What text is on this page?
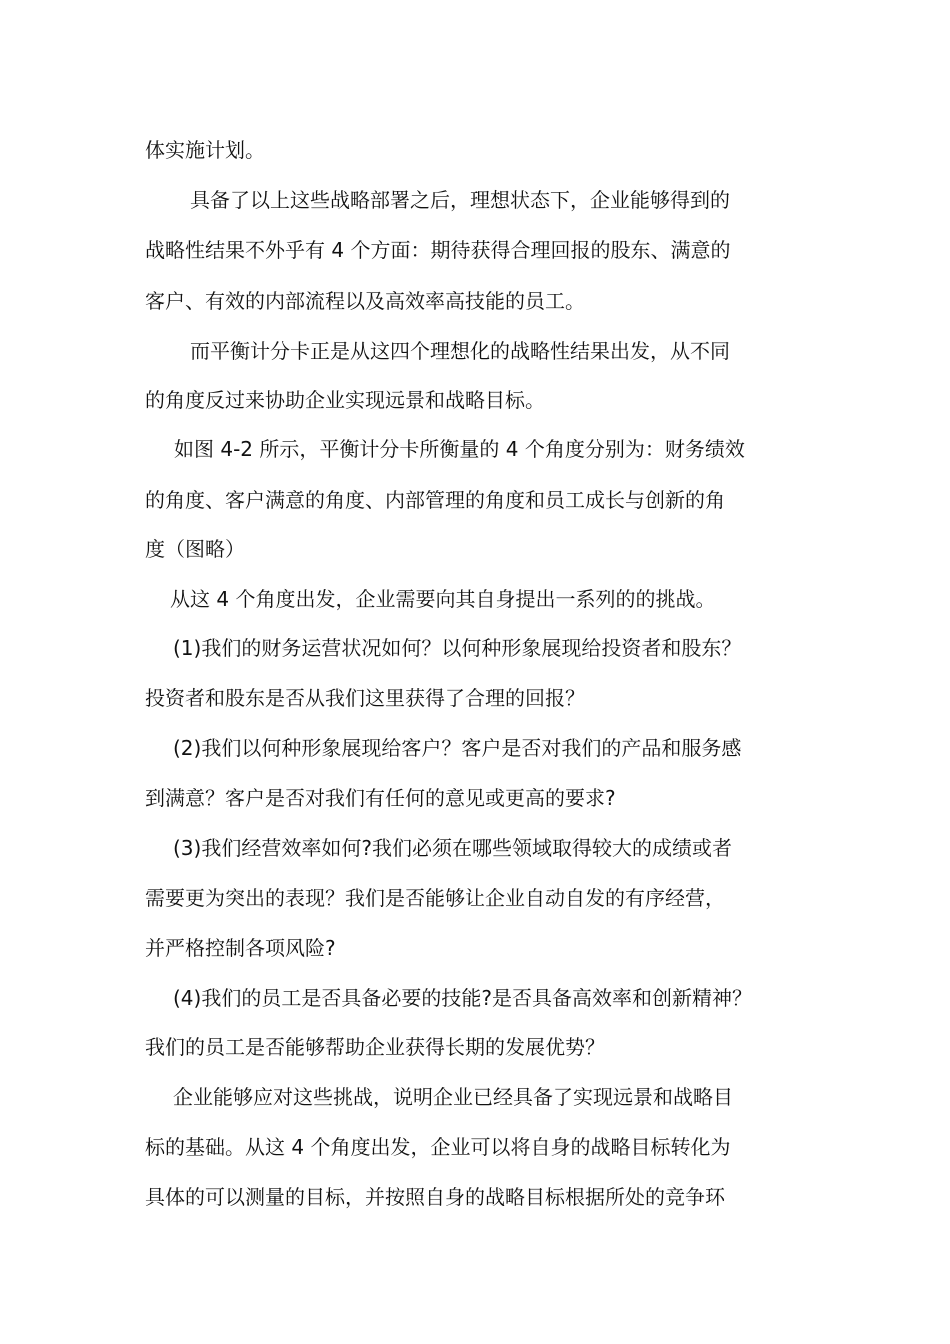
体实施计划。

具备了以上这些战略部署之后，理想状态下，企业能够得到的

战略性结果不外乎有 4 个方面：期待获得合理回报的股东、满意的

客户、有效的内部流程以及高效率高技能的员工。

而平衡计分卡正是从这四个理想化的战略性结果出发，从不同

的角度反过来协助企业实现远景和战略目标。

如图 4-2 所示，平衡计分卡所衡量的 4 个角度分别为：财务绩效

的角度、客户满意的角度、内部管理的角度和员工成长与创新的角

度（图略）

从这 4 个角度出发，企业需要向其自身提出一系列的的挑战。

(1)我们的财务运营状况如何？以何种形象展现给投资者和股东？

投资者和股东是否从我们这里获得了合理的回报？

(2)我们以何种形象展现给客户？客户是否对我们的产品和服务感

到满意？客户是否对我们有任何的意见或更高的要求?

(3)我们经营效率如何?我们必须在哪些领域取得较大的成绩或者

需要更为突出的表现？我们是否能够让企业自动自发的有序经营，

并严格控制各项风险?

(4)我们的员工是否具备必要的技能?是否具备高效率和创新精神？

我们的员工是否能够帮助企业获得长期的发展优势？

企业能够应对这些挑战，说明企业已经具备了实现远景和战略目

标的基础。从这 4 个角度出发，企业可以将自身的战略目标转化为

具体的可以测量的目标，并按照自身的战略目标根据所处的竞争环
